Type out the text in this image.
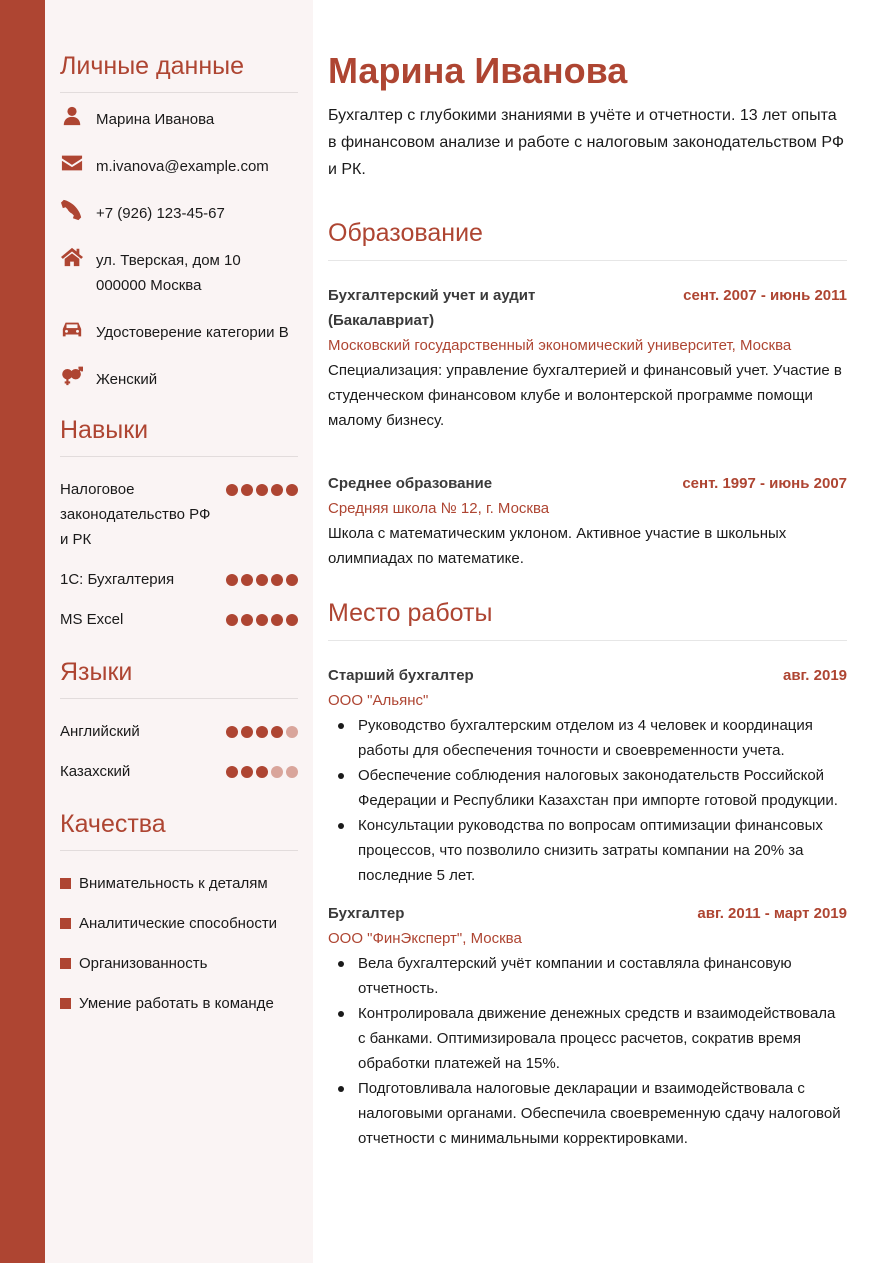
Личные данные
Марина Иванова
m.ivanova@example.com
+7 (926) 123-45-67
ул. Тверская, дом 10
000000 Москва
Удостоверение категории B
Женский
Навыки
Налоговое законодательство РФ и РК
1С: Бухгалтерия
MS Excel
Языки
Английский
Казахский
Качества
Внимательность к деталям
Аналитические способности
Организованность
Умение работать в команде
Марина Иванова

Бухгалтер с глубокими знаниями в учёте и отчетности. 13 лет опыта в финансовом анализе и работе с налоговым законодательством РФ и РК.

Образование
Бухгалтерский учет и аудит (Бакалавриат)
сент. 2007 - июнь 2011
Московский государственный экономический университет, Москва
Специализация: управление бухгалтерией и финансовый учет. Участие в студенческом финансовом клубе и волонтерской программе помощи малому бизнесу.
Среднее образование	сент. 1997 - июнь 2007
Средняя школа № 12, г. Москва
Школа с математическим уклоном. Активное участие в школьных олимпиадах по математике.
Место работы
Старший бухгалтер	авг. 2019
ООО "Альянс"
Руководство бухгалтерским отделом из 4 человек и координация работы для обеспечения точности и своевременности учета.
Обеспечение соблюдения налоговых законодательств Российской Федерации и Республики Казахстан при импорте готовой продукции.
Консультации руководства по вопросам оптимизации финансовых процессов, что позволило снизить затраты компании на 20% за последние 5 лет.
Бухгалтер	авг. 2011 - март 2019
ООО "ФинЭксперт", Москва
Вела бухгалтерский учёт компании и составляла финансовую отчетность.
Контролировала движение денежных средств и взаимодействовала с банками. Оптимизировала процесс расчетов, сократив время обработки платежей на 15%.
Подготовливала налоговые декларации и взаимодействовала с налоговыми органами. Обеспечила своевременную сдачу налоговой отчетности с минимальными корректировками.
